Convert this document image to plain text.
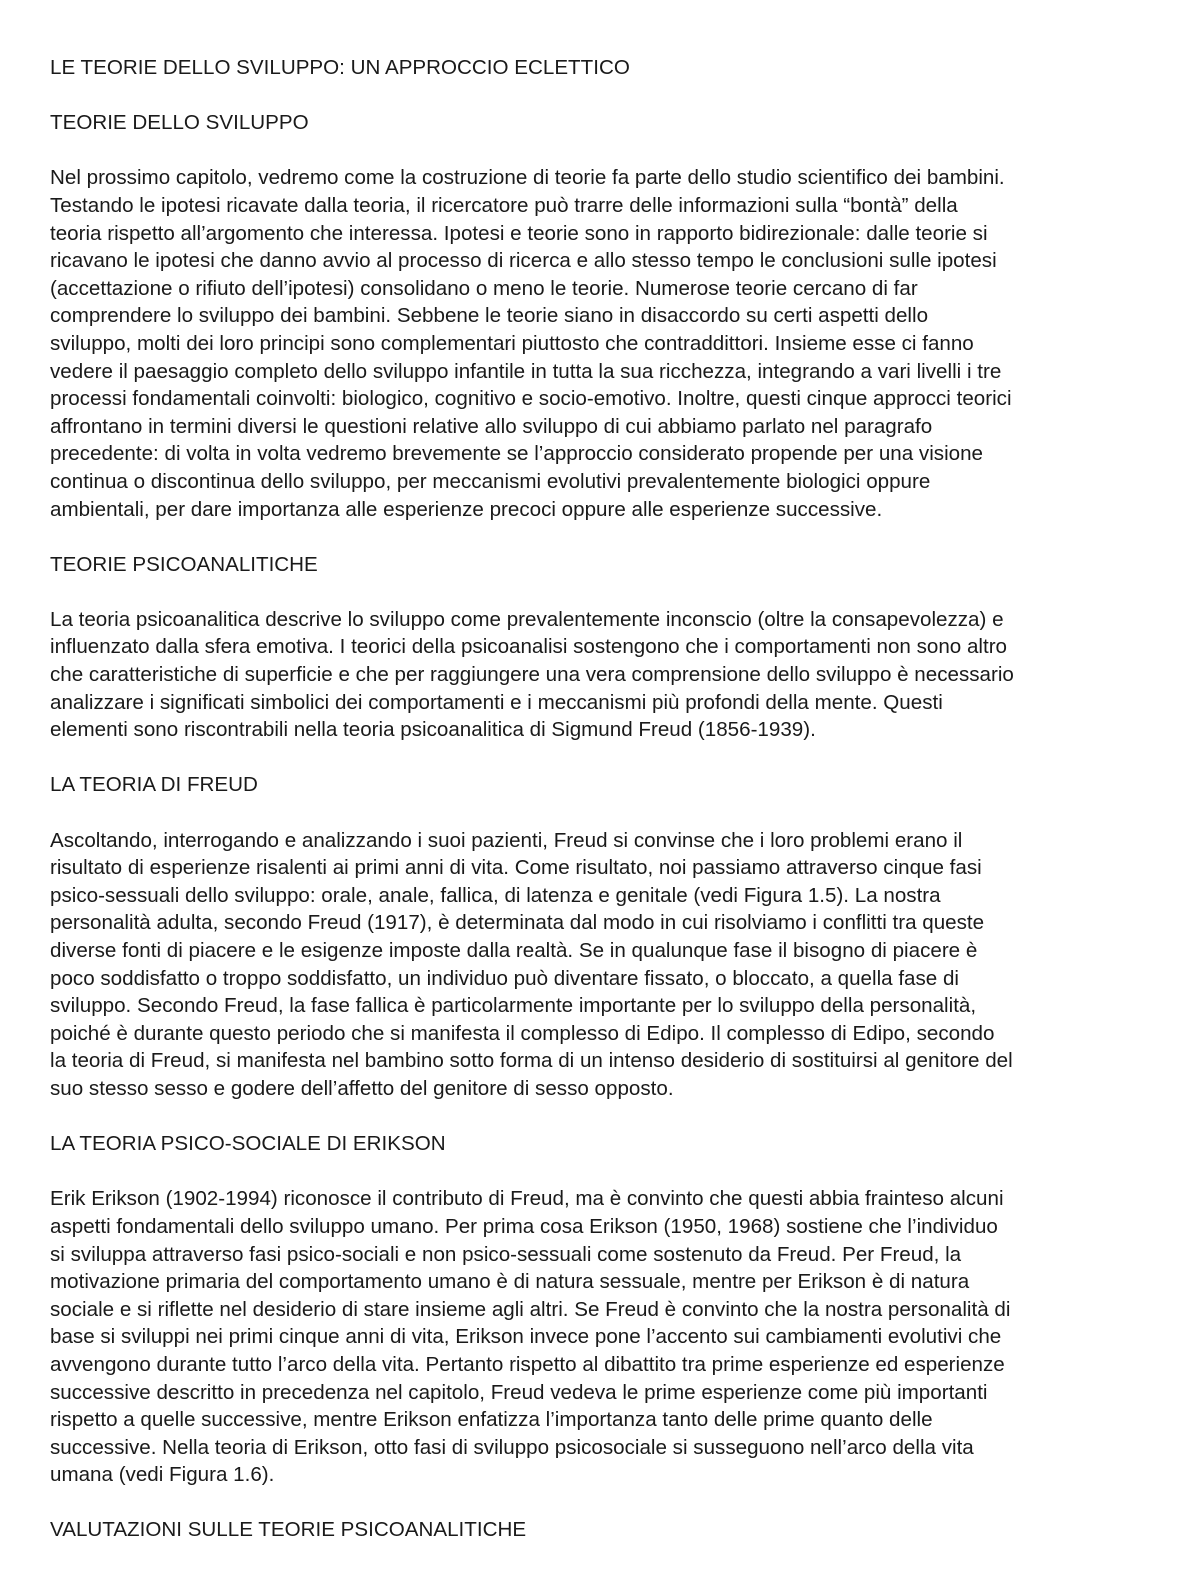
LE TEORIE DELLO SVILUPPO: UN APPROCCIO ECLETTICO

TEORIE DELLO SVILUPPO

Nel prossimo capitolo, vedremo come la costruzione di teorie fa parte dello studio scientifico dei bambini.
Testando le ipotesi ricavate dalla teoria, il ricercatore può trarre delle informazioni sulla “bontà” della
teoria rispetto all’argomento che interessa. Ipotesi e teorie sono in rapporto bidirezionale: dalle teorie si
ricavano le ipotesi che danno avvio al processo di ricerca e allo stesso tempo le conclusioni sulle ipotesi
(accettazione o rifiuto dell’ipotesi) consolidano o meno le teorie. Numerose teorie cercano di far
comprendere lo sviluppo dei bambini. Sebbene le teorie siano in disaccordo su certi aspetti dello
sviluppo, molti dei loro principi sono complementari piuttosto che contraddittori. Insieme esse ci fanno
vedere il paesaggio completo dello sviluppo infantile in tutta la sua ricchezza, integrando a vari livelli i tre
processi fondamentali coinvolti: biologico, cognitivo e socio-emotivo. Inoltre, questi cinque approcci teorici
affrontano in termini diversi le questioni relative allo sviluppo di cui abbiamo parlato nel paragrafo
precedente: di volta in volta vedremo brevemente se l’approccio considerato propende per una visione
continua o discontinua dello sviluppo, per meccanismi evolutivi prevalentemente biologici oppure
ambientali, per dare importanza alle esperienze precoci oppure alle esperienze successive.

TEORIE PSICOANALITICHE

La teoria psicoanalitica descrive lo sviluppo come prevalentemente inconscio (oltre la consapevolezza) e
influenzato dalla sfera emotiva. I teorici della psicoanalisi sostengono che i comportamenti non sono altro
che caratteristiche di superficie e che per raggiungere una vera comprensione dello sviluppo è necessario
analizzare i significati simbolici dei comportamenti e i meccanismi più profondi della mente. Questi
elementi sono riscontrabili nella teoria psicoanalitica di Sigmund Freud (1856-1939).

LA TEORIA DI FREUD

Ascoltando, interrogando e analizzando i suoi pazienti, Freud si convinse che i loro problemi erano il
risultato di esperienze risalenti ai primi anni di vita. Come risultato, noi passiamo attraverso cinque fasi
psico-sessuali dello sviluppo: orale, anale, fallica, di latenza e genitale (vedi Figura 1.5). La nostra
personalità adulta, secondo Freud (1917), è determinata dal modo in cui risolviamo i conflitti tra queste
diverse fonti di piacere e le esigenze imposte dalla realtà. Se in qualunque fase il bisogno di piacere è
poco soddisfatto o troppo soddisfatto, un individuo può diventare fissato, o bloccato, a quella fase di
sviluppo. Secondo Freud, la fase fallica è particolarmente importante per lo sviluppo della personalità,
poiché è durante questo periodo che si manifesta il complesso di Edipo. Il complesso di Edipo, secondo
la teoria di Freud, si manifesta nel bambino sotto forma di un intenso desiderio di sostituirsi al genitore del
suo stesso sesso e godere dell’affetto del genitore di sesso opposto.

LA TEORIA PSICO-SOCIALE DI ERIKSON

Erik Erikson (1902-1994) riconosce il contributo di Freud, ma è convinto che questi abbia frainteso alcuni
aspetti fondamentali dello sviluppo umano. Per prima cosa Erikson (1950, 1968) sostiene che l’individuo
si sviluppa attraverso fasi psico-sociali e non psico-sessuali come sostenuto da Freud. Per Freud, la
motivazione primaria del comportamento umano è di natura sessuale, mentre per Erikson è di natura
sociale e si riflette nel desiderio di stare insieme agli altri. Se Freud è convinto che la nostra personalità di
base si sviluppi nei primi cinque anni di vita, Erikson invece pone l’accento sui cambiamenti evolutivi che
avvengono durante tutto l’arco della vita. Pertanto rispetto al dibattito tra prime esperienze ed esperienze
successive descritto in precedenza nel capitolo, Freud vedeva le prime esperienze come più importanti
rispetto a quelle successive, mentre Erikson enfatizza l’importanza tanto delle prime quanto delle
successive. Nella teoria di Erikson, otto fasi di sviluppo psicosociale si susseguono nell’arco della vita
umana (vedi Figura 1.6).

VALUTAZIONI SULLE TEORIE PSICOANALITICHE
